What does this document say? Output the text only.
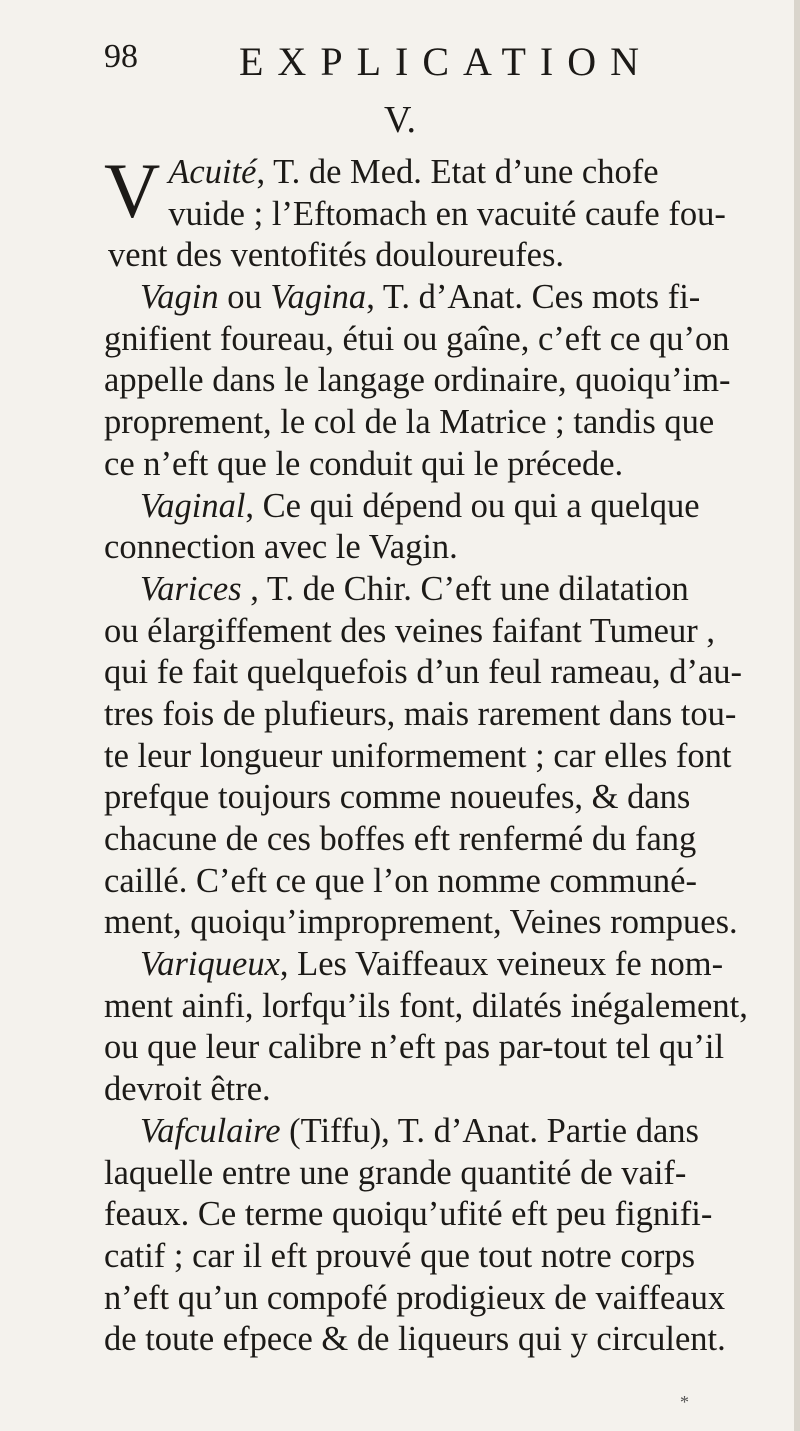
98	EXPLICATION
V.
V Acuité, T. de Med. Etat d’une chofe
vuide ; l’Eftomach en vacuité caufe fou-
vent des ventofités douloureufes.
Vagin ou Vagina, T. d’Anat. Ces mots fi-
gnifient foureau, étui ou gaîne, c’eft ce qu’on
appelle dans le langage ordinaire, quoiqu’im-
proprement, le col de la Matrice ; tandis que
ce n’eft que le conduit qui le précede.
Vaginal, Ce qui dépend ou qui a quelque
connection avec le Vagin.
Varices , T. de Chir. C’eft une dilatation
ou élargiffement des veines faifant Tumeur ,
qui fe fait quelquefois d’un feul rameau, d’au-
tres fois de plufieurs, mais rarement dans tou-
te leur longueur uniformement ; car elles font
prefque toujours comme noueufes, & dans
chacune de ces boffes eft renfermé du fang
caillé. C’eft ce que l’on nomme communé-
ment, quoiqu’improprement, Veines rompues.
Variqueux, Les Vaiffeaux veineux fe nom-
ment ainfi, lorfqu’ils font, dilatés inégalement,
ou que leur calibre n’eft pas par-tout tel qu’il
devroit être.
Vafculaire (Tiffu), T. d’Anat. Partie dans
laquelle entre une grande quantité de vaif-
feaux. Ce terme quoiqu’ufité eft peu fignifi-
catif ; car il eft prouvé que tout notre corps
n’eft qu’un compofé prodigieux de vaiffeaux
de toute efpece & de liqueurs qui y circulent.
*
